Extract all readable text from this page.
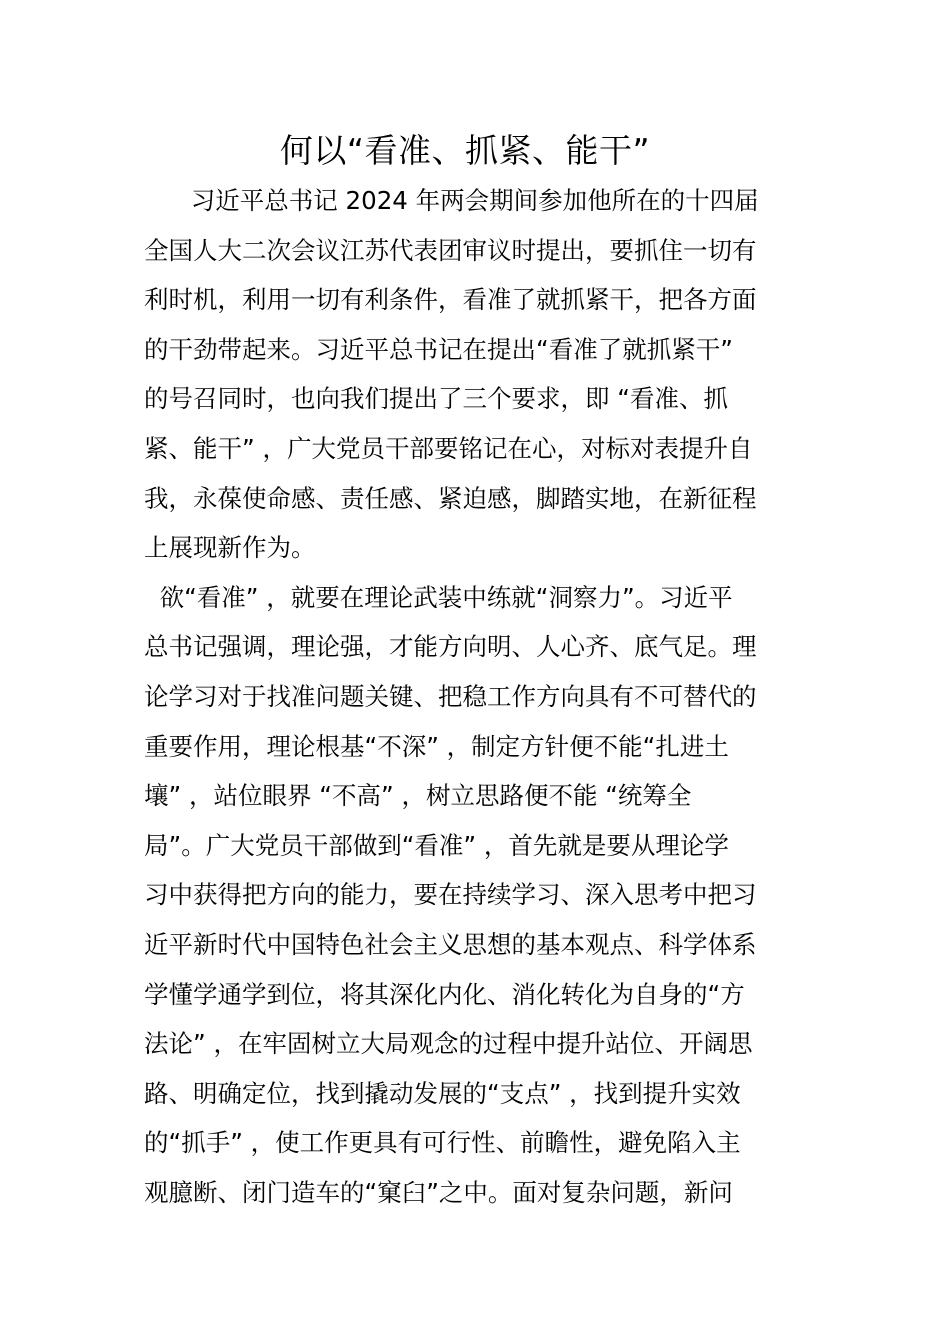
何以“看准、抓紧、能干”
习近平总书记 2024 年两会期间参加他所在的十四届
全国人大二次会议江苏代表团审议时提出，要抓住一切有
利时机，利用一切有利条件，看准了就抓紧干，把各方面
的干劲带起来。习近平总书记在提出“看准了就抓紧干”
的号召同时，也向我们提出了三个要求，即 “看准、抓
紧、能干” ，广大党员干部要铭记在心，对标对表提升自
我，永葆使命感、责任感、紧迫感，脚踏实地，在新征程
上展现新作为。
欲“看准” ，就要在理论武装中练就“洞察力”。习近平
总书记强调，理论强，才能方向明、人心齐、底气足。理
论学习对于找准问题关键、把稳工作方向具有不可替代的
重要作用，理论根基“不深” ，制定方针便不能“扎进土
壤” ，站位眼界 “不高” ，树立思路便不能 “统筹全
局”。广大党员干部做到“看准” ，首先就是要从理论学
习中获得把方向的能力，要在持续学习、深入思考中把习
近平新时代中国特色社会主义思想的基本观点、科学体系
学懂学通学到位，将其深化内化、消化转化为自身的“方
法论” ，在牢固树立大局观念的过程中提升站位、开阔思
路、明确定位，找到撬动发展的“支点” ，找到提升实效
的“抓手” ，使工作更具有可行性、前瞻性，避免陷入主
观臆断、闭门造车的“窠臼”之中。面对复杂问题，新问
